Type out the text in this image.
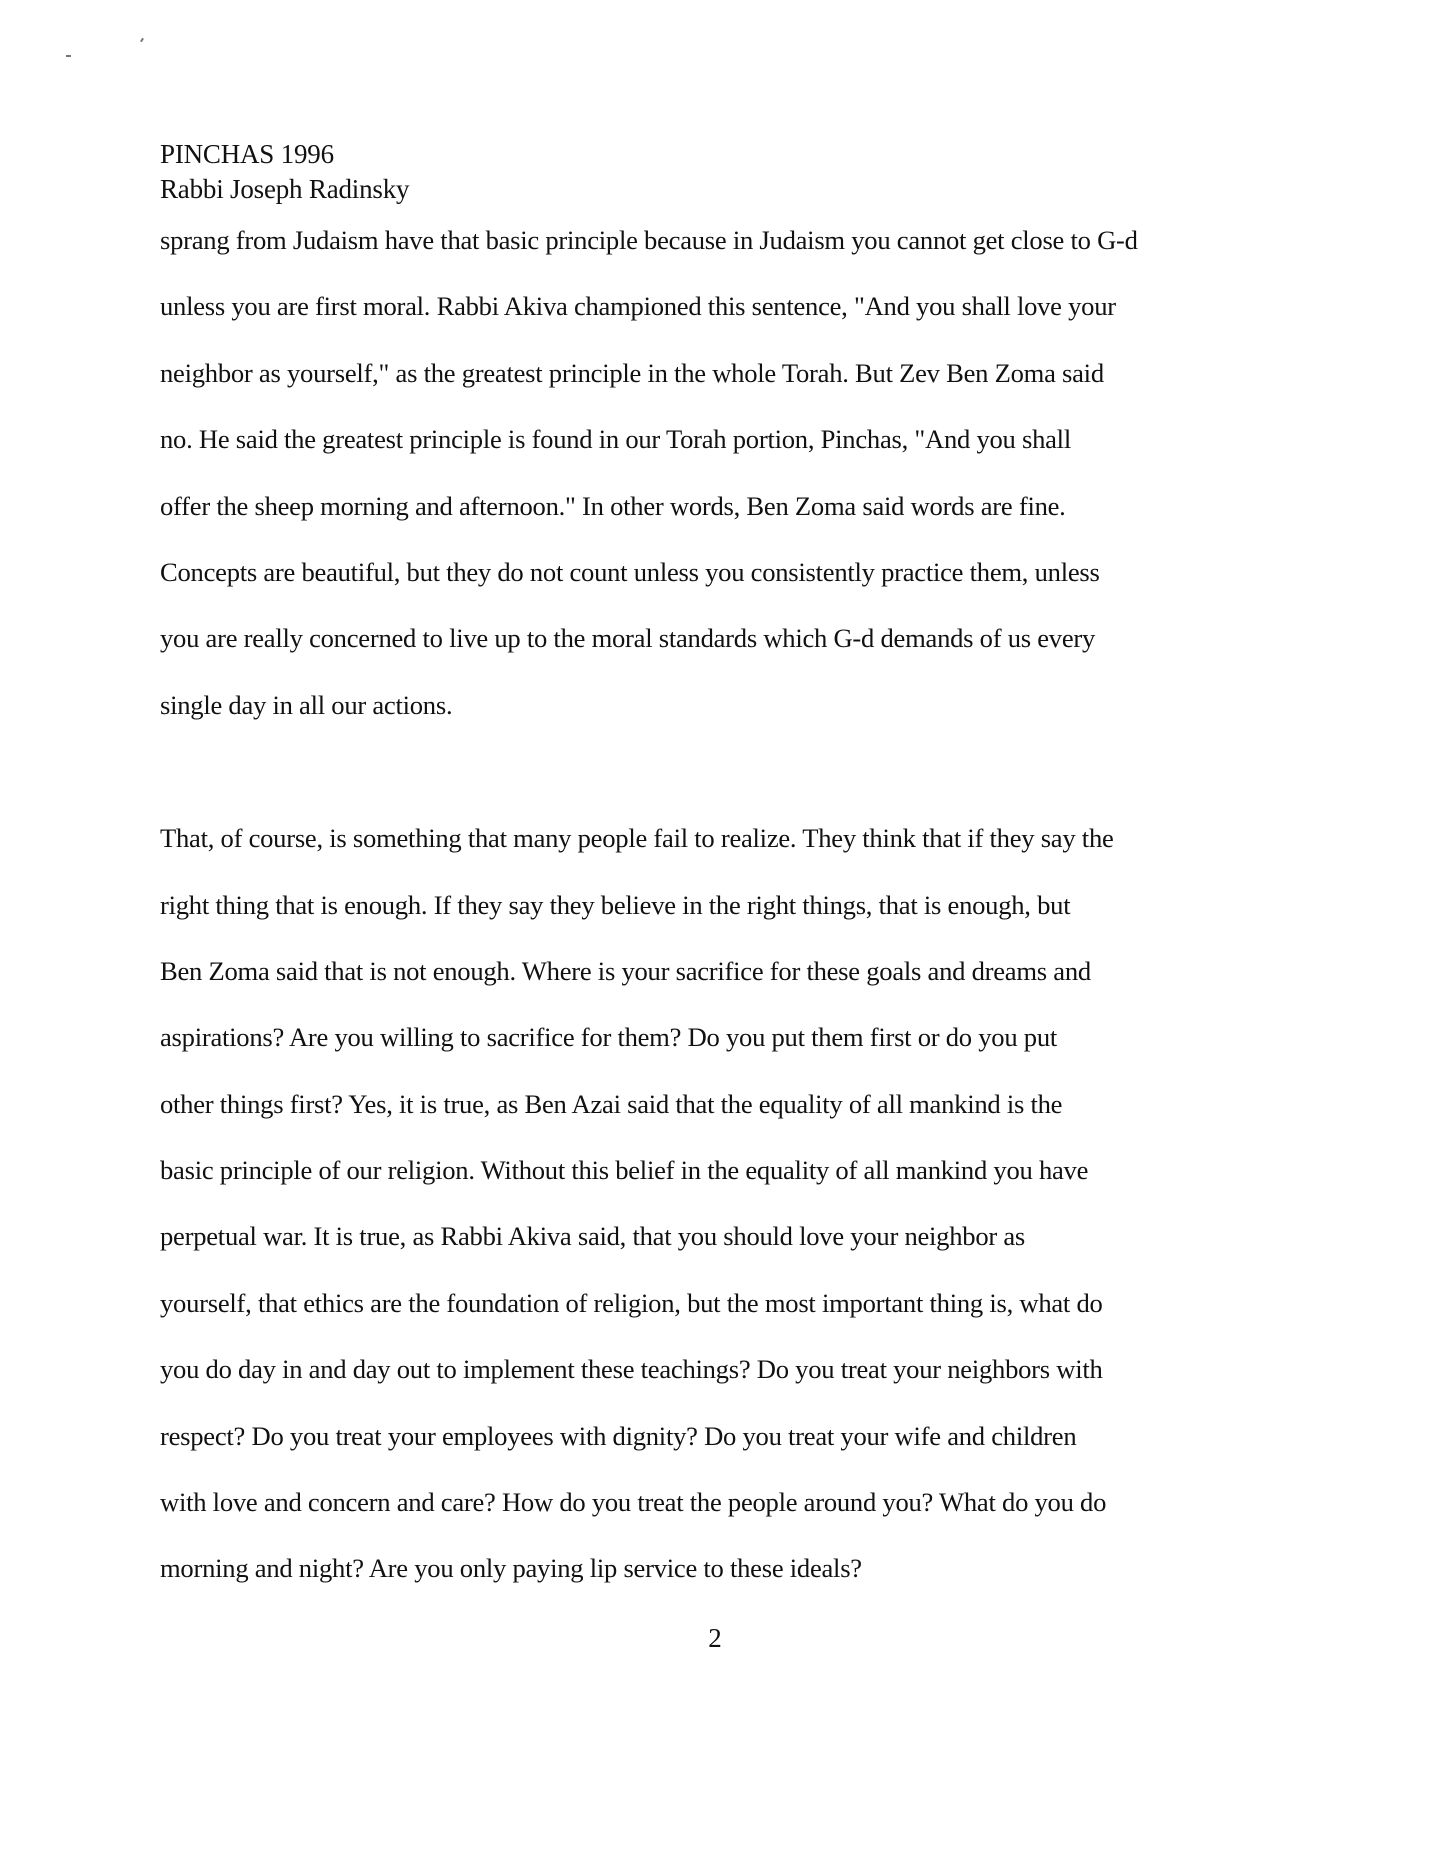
PINCHAS 1996
Rabbi Joseph Radinsky
sprang from Judaism have that basic principle because in Judaism you cannot get close to G-d
unless you are first moral. Rabbi Akiva championed this sentence, "And you shall love your
neighbor as yourself," as the greatest principle in the whole Torah. But Zev Ben Zoma said
no. He said the greatest principle is found in our Torah portion, Pinchas, "And you shall
offer the sheep morning and afternoon." In other words, Ben Zoma said words are fine.
Concepts are beautiful, but they do not count unless you consistently practice them, unless
you are really concerned to live up to the moral standards which G-d demands of us every
single day in all our actions.
That, of course, is something that many people fail to realize. They think that if they say the
right thing that is enough. If they say they believe in the right things, that is enough, but
Ben Zoma said that is not enough. Where is your sacrifice for these goals and dreams and
aspirations? Are you willing to sacrifice for them? Do you put them first or do you put
other things first? Yes, it is true, as Ben Azai said that the equality of all mankind is the
basic principle of our religion. Without this belief in the equality of all mankind you have
perpetual war. It is true, as Rabbi Akiva said, that you should love your neighbor as
yourself, that ethics are the foundation of religion, but the most important thing is, what do
you do day in and day out to implement these teachings? Do you treat your neighbors with
respect? Do you treat your employees with dignity? Do you treat your wife and children
with love and concern and care? How do you treat the people around you? What do you do
morning and night? Are you only paying lip service to these ideals?
2
